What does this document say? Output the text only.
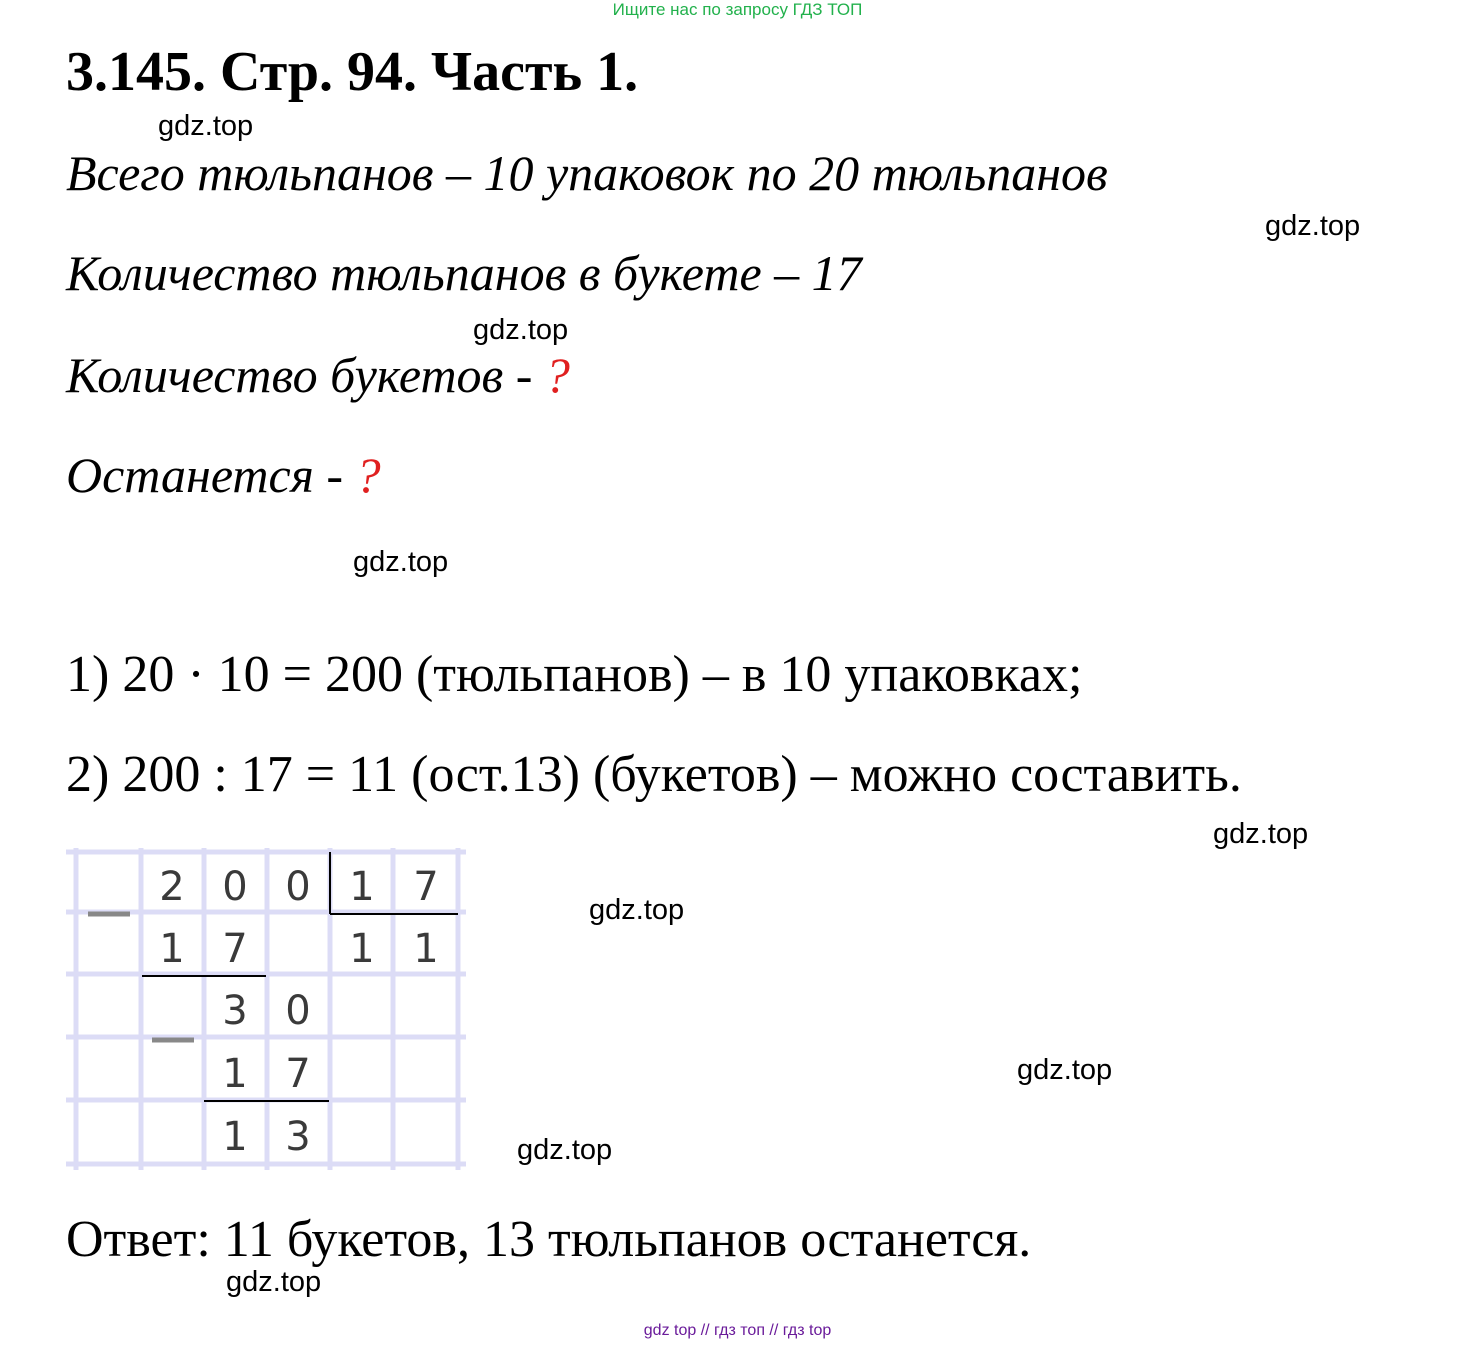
Ищите нас по запросу ГДЗ ТОП
3.145. Стр. 94. Часть 1.
gdz.top
Всего тюльпанов – 10 упаковок по 20 тюльпанов
gdz.top
Количество тюльпанов в букете – 17
gdz.top
Количество букетов - ?
Останется - ?
gdz.top
1) 20 · 10 = 200 (тюльпанов) – в 10 упаковках;
2) 200 : 17 = 11 (ост.13) (букетов) – можно составить.
gdz.top
2 0 0 1 7
1 7	1 1
3 0
1 7
1 3
gdz.top
gdz.top
gdz.top
Ответ: 11 букетов, 13 тюльпанов останется.
gdz.top
gdz top // гдз топ // гдз top
